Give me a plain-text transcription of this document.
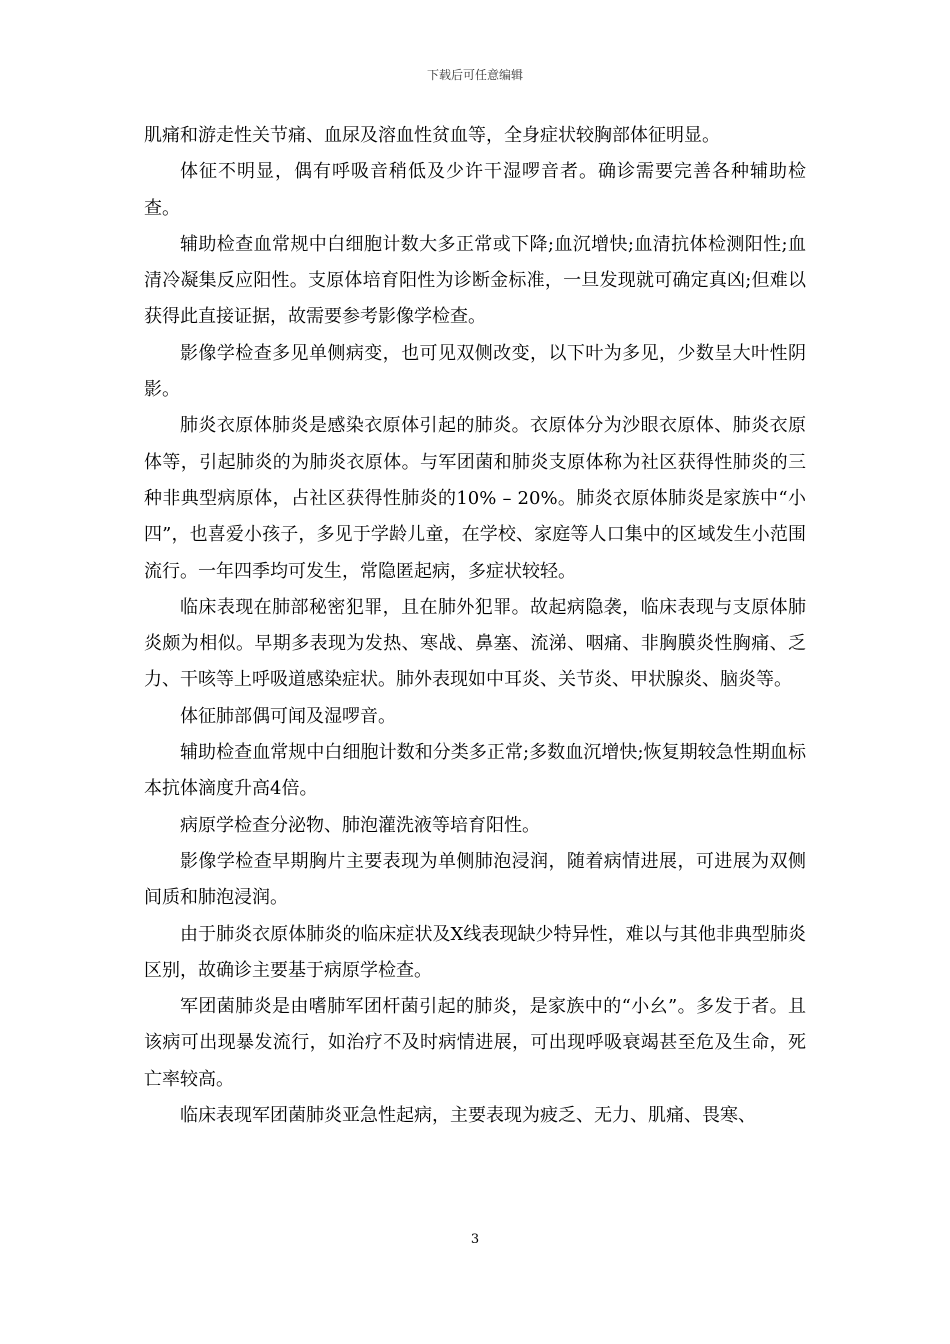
下载后可任意编辑

肌痛和游走性关节痛、血尿及溶血性贫血等，全身症状较胸部体征明显。

体征不明显，偶有呼吸音稍低及少许干湿啰音者。确诊需要完善各种辅助检查。

辅助检查血常规中白细胞计数大多正常或下降;血沉增快;血清抗体检测阳性;血清冷凝集反应阳性。支原体培育阳性为诊断金标准，一旦发现就可确定真凶;但难以获得此直接证据，故需要参考影像学检查。

影像学检查多见单侧病变，也可见双侧改变，以下叶为多见，少数呈大叶性阴影。

肺炎衣原体肺炎是感染衣原体引起的肺炎。衣原体分为沙眼衣原体、肺炎衣原体等，引起肺炎的为肺炎衣原体。与军团菌和肺炎支原体称为社区获得性肺炎的三种非典型病原体，占社区获得性肺炎的10% – 20%。肺炎衣原体肺炎是家族中“小四”，也喜爱小孩子，多见于学龄儿童，在学校、家庭等人口集中的区域发生小范围流行。一年四季均可发生，常隐匿起病，多症状较轻。

临床表现在肺部秘密犯罪，且在肺外犯罪。故起病隐袭，临床表现与支原体肺炎颇为相似。早期多表现为发热、寒战、鼻塞、流涕、咽痛、非胸膜炎性胸痛、乏力、干咳等上呼吸道感染症状。肺外表现如中耳炎、关节炎、甲状腺炎、脑炎等。

体征肺部偶可闻及湿啰音。

辅助检查血常规中白细胞计数和分类多正常;多数血沉增快;恢复期较急性期血标本抗体滴度升高4倍。

病原学检查分泌物、肺泡灌洗液等培育阳性。

影像学检查早期胸片主要表现为单侧肺泡浸润，随着病情进展，可进展为双侧间质和肺泡浸润。

由于肺炎衣原体肺炎的临床症状及X线表现缺少特异性，难以与其他非典型肺炎区别，故确诊主要基于病原学检查。

军团菌肺炎是由嗜肺军团杆菌引起的肺炎，是家族中的“小幺”。多发于者。且该病可出现暴发流行，如治疗不及时病情进展，可出现呼吸衰竭甚至危及生命，死亡率较高。

临床表现军团菌肺炎亚急性起病，主要表现为疲乏、无力、肌痛、畏寒、

3
